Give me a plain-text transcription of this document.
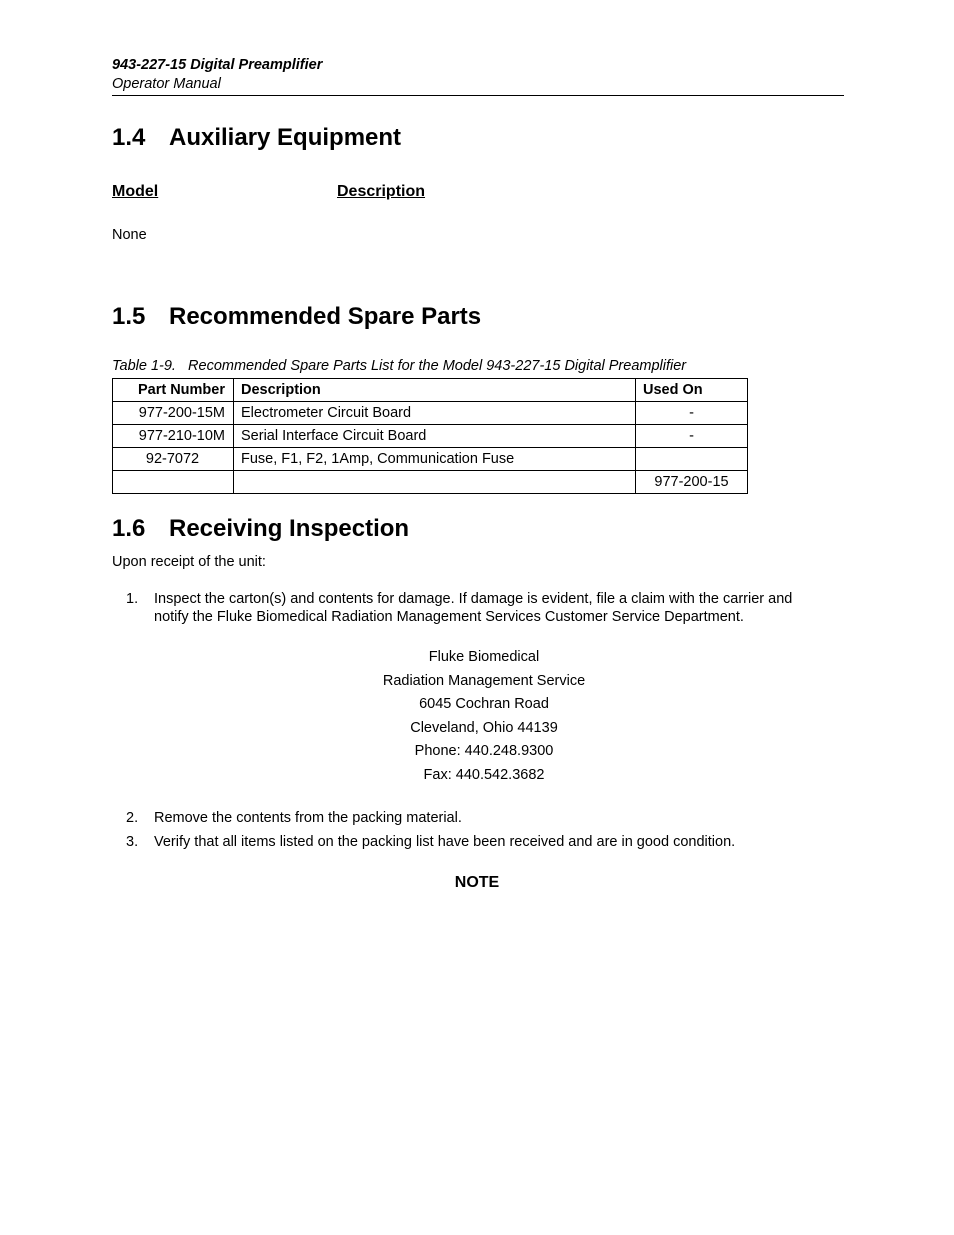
943-227-15 Digital Preamplifier
Operator Manual
1.4 Auxiliary Equipment
Model	Description
None
1.5 Recommended Spare Parts
Table 1-9.   Recommended Spare Parts List for the Model 943-227-15 Digital Preamplifier
Part Number	Description	Used On
977-200-15M	Electrometer Circuit Board	-
977-210-10M	Serial Interface Circuit Board	-
92-7072	Fuse, F1, F2, 1Amp, Communication Fuse	
		977-200-15
1.6 Receiving Inspection
Upon receipt of the unit:
1. Inspect the carton(s) and contents for damage. If damage is evident, file a claim with the carrier and
notify the Fluke Biomedical Radiation Management Services Customer Service Department.
Fluke Biomedical
Radiation Management Service
6045 Cochran Road
Cleveland, Ohio 44139
Phone: 440.248.9300
Fax: 440.542.3682
2. Remove the contents from the packing material.
3. Verify that all items listed on the packing list have been received and are in good condition.
NOTE
